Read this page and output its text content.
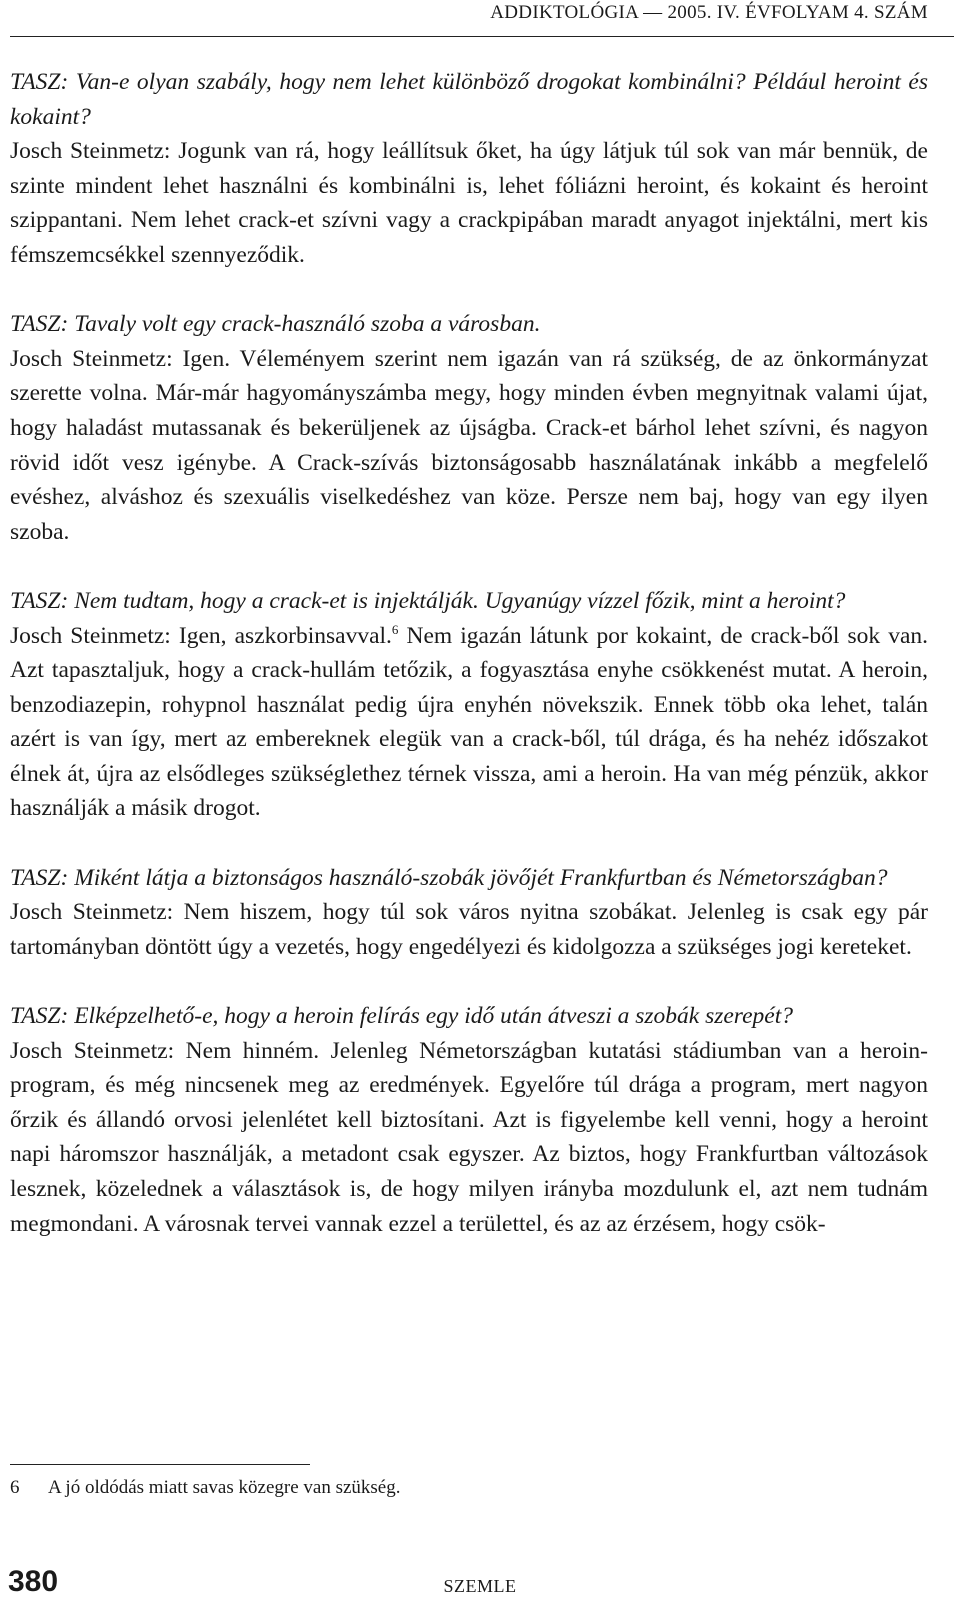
ADDIKTOLÓGIA — 2005. IV. ÉVFOLYAM 4. SZÁM

TASZ: Van-e olyan szabály, hogy nem lehet különböző drogokat kombinálni? Például heroint és kokaint?

Josch Steinmetz: Jogunk van rá, hogy leállítsuk őket, ha úgy látjuk túl sok van már bennük, de szinte mindent lehet használni és kombinálni is, lehet fóliázni heroint, és kokaint és heroint szippantani. Nem lehet crack-et szívni vagy a crackpipában maradt anyagot injektálni, mert kis fémszemcsékkel szennyeződik.

TASZ: Tavaly volt egy crack-használó szoba a városban.

Josch Steinmetz: Igen. Véleményem szerint nem igazán van rá szükség, de az önkormányzat szerette volna. Már-már hagyományszámba megy, hogy minden évben megnyitnak valami újat, hogy haladást mutassanak és bekerüljenek az újságba. Crack-et bárhol lehet szívni, és nagyon rövid időt vesz igénybe. A Crack-szívás biztonságosabb használatának inkább a megfelelő evéshez, alváshoz és szexuális viselkedéshez van köze. Persze nem baj, hogy van egy ilyen szoba.

TASZ: Nem tudtam, hogy a crack-et is injektálják. Ugyanúgy vízzel főzik, mint a heroint?

Josch Steinmetz: Igen, aszkorbinsavval.$^6$ Nem igazán látunk por kokaint, de crack-ből sok van. Azt tapasztaljuk, hogy a crack-hullám tetőzik, a fogyasztása enyhe csökkenést mutat. A heroin, benzodiazepin, rohypnol használat pedig újra enyhén növekszik. Ennek több oka lehet, talán azért is van így, mert az embereknek elegük van a crack-ből, túl drága, és ha nehéz időszakot élnek át, újra az elsődleges szükséglethez térnek vissza, ami a heroin. Ha van még pénzük, akkor használják a másik drogot.

TASZ: Miként látja a biztonságos használó-szobák jövőjét Frankfurtban és Németországban?

Josch Steinmetz: Nem hiszem, hogy túl sok város nyitna szobákat. Jelenleg is csak egy pár tartományban döntött úgy a vezetés, hogy engedélyezi és kidolgozza a szükséges jogi kereteket.

TASZ: Elképzelhető-e, hogy a heroin felírás egy idő után átveszi a szobák szerepét?

Josch Steinmetz: Nem hinném. Jelenleg Németországban kutatási stádiumban van a heroin-program, és még nincsenek meg az eredmények. Egyelőre túl drága a program, mert nagyon őrzik és állandó orvosi jelenlétet kell biztosítani. Azt is figyelembe kell venni, hogy a heroint napi háromszor használják, a metadont csak egyszer. Az biztos, hogy Frankfurtban változások lesznek, közelednek a választások is, de hogy milyen irányba mozdulunk el, azt nem tudnám megmondani. A városnak tervei vannak ezzel a területtel, és az az érzésem, hogy csök-

6 A jó oldódás miatt savas közegre van szükség.
380	SZEMLE
